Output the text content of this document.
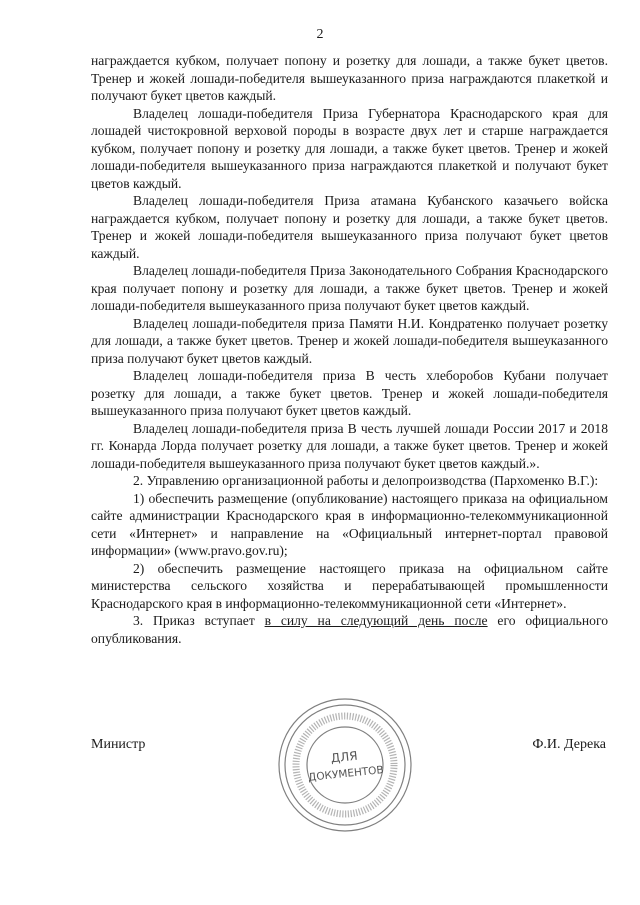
2

награждается кубком, получает попону и розетку для лошади, а также букет цветов. Тренер и жокей лошади-победителя вышеуказанного приза награждаются плакеткой и получают букет цветов каждый.

Владелец лошади-победителя Приза Губернатора Краснодарского края для лошадей чистокровной верховой породы в возрасте двух лет и старше награждается кубком, получает попону и розетку для лошади, а также букет цветов. Тренер и жокей лошади-победителя вышеуказанного приза награждаются плакеткой и получают букет цветов каждый.

Владелец лошади-победителя Приза атамана Кубанского казачьего войска награждается кубком, получает попону и розетку для лошади, а также букет цветов. Тренер и жокей лошади-победителя вышеуказанного приза получают букет цветов каждый.

Владелец лошади-победителя Приза Законодательного Собрания Краснодарского края получает попону и розетку для лошади, а также букет цветов. Тренер и жокей лошади-победителя вышеуказанного приза получают букет цветов каждый.

Владелец лошади-победителя приза Памяти Н.И. Кондратенко получает розетку для лошади, а также букет цветов. Тренер и жокей лошади-победителя вышеуказанного приза получают букет цветов каждый.

Владелец лошади-победителя приза В честь хлеборобов Кубани получает розетку для лошади, а также букет цветов. Тренер и жокей лошади-победителя вышеуказанного приза получают букет цветов каждый.

Владелец лошади-победителя приза В честь лучшей лошади России 2017 и 2018 гг. Конарда Лорда получает розетку для лошади, а также букет цветов. Тренер и жокей лошади-победителя вышеуказанного приза получают букет цветов каждый.».

2. Управлению организационной работы и делопроизводства (Пархоменко В.Г.):

1) обеспечить размещение (опубликование) настоящего приказа на официальном сайте администрации Краснодарского края в информационно-телекоммуникационной сети «Интернет» и направление на «Официальный интернет-портал правовой информации» (www.pravo.gov.ru);

2) обеспечить размещение настоящего приказа на официальном сайте министерства сельского хозяйства и перерабатывающей промышленности Краснодарского края в информационно-телекоммуникационной сети «Интернет».

3. Приказ вступает в силу на следующий день после его официального опубликования.

Министр	Ф.И. Дерека
ДЛЯ
ДОКУМЕНТОВ
